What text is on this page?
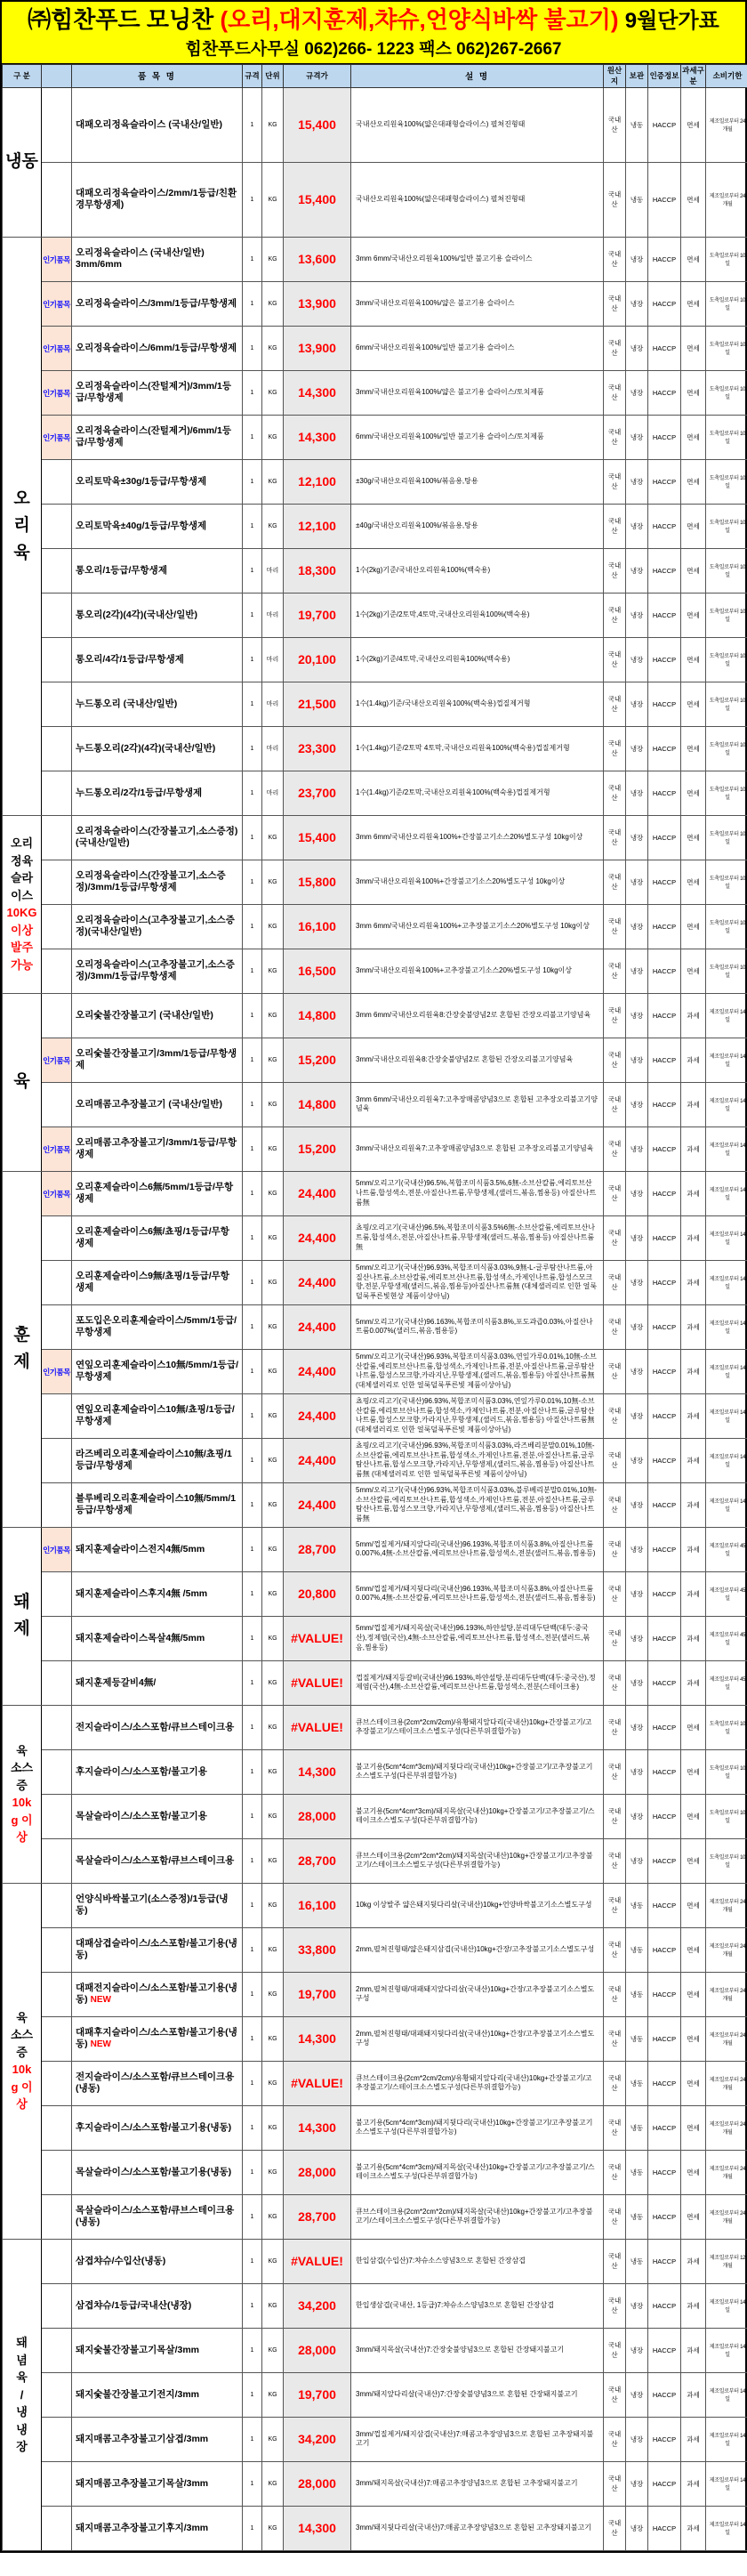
㈜힘찬푸드 모닝찬 (오리,대지훈제,챠슈,언양식바싹 불고기) 9월단가표
힘찬푸드사무실 062)266- 1223 팩스 062)267-2667
구 분		품 목 명	규격	단위	규격가	설 명	원산지	보관	인증정보	과세구분	소비기한

냉동		대패오리정육슬라이스 (국내산/일반)	1	KG	15,400	국내산오리원육100%(얇은대패형슬라이스) 펼쳐진형태	국내산	냉동	HACCP	면세	제조일로부터 24개월
		대패오리정육슬라이스/2mm/1등급/친환경무항생제)	1	KG	15,400	국내산오리원육100%(얇은대패형슬라이스) 펼쳐진형태	국내산	냉동	HACCP	면세	제조일로부터 24개월

오
리
육	인기품목	오리정육슬라이스 (국내산/일반) 3mm/6mm	1	KG	13,600	3mm 6mm/국내산오리원육100%/일반 불고기용 슬라이스	국내산	냉장	HACCP	면세	도축일로부터 10일
	인기품목	오리정육슬라이스/3mm/1등급/무항생제	1	KG	13,900	3mm/국내산오리원육100%/얇은 불고기용 슬라이스	국내산	냉장	HACCP	면세	도축일로부터 10일
	인기품목	오리정육슬라이스/6mm/1등급/무항생제	1	KG	13,900	6mm/국내산오리원육100%/일반 불고기용 슬라이스	국내산	냉장	HACCP	면세	도축일로부터 10일
	인기품목	오리정육슬라이스(잔털제거)/3mm/1등급/무항생제	1	KG	14,300	3mm/국내산오리원육100%/얇은 불고기용 슬라이스/토치제품	국내산	냉장	HACCP	면세	도축일로부터 10일
	인기품목	오리정육슬라이스(잔털제거)/6mm/1등급/무항생제	1	KG	14,300	6mm/국내산오리원육100%/일반 불고기용 슬라이스/토치제품	국내산	냉장	HACCP	면세	도축일로부터 10일
		오리토막육±30g/1등급/무항생제	1	KG	12,100	±30g/국내산오리원육100%/볶음용,탕용	국내산	냉장	HACCP	면세	도축일로부터 10일
		오리토막육±40g/1등급/무항생제	1	KG	12,100	±40g/국내산오리원육100%/볶음용,탕용	국내산	냉장	HACCP	면세	도축일로부터 10일
		통오리/1등급/무항생제	1	마리	18,300	1수(2kg)기준/국내산오리원육100%(백숙용)	국내산	냉장	HACCP	면세	도축일로부터 10일
		통오리(2각)(4각)(국내산/일반)	1	마리	19,700	1수(2kg)기준/2토막,4토막,국내산오리원육100%(백숙용)	국내산	냉장	HACCP	면세	도축일로부터 10일
		통오리/4각/1등급/무항생제	1	마리	20,100	1수(2kg)기준/4토막,국내산오리원육100%(백숙용)	국내산	냉장	HACCP	면세	도축일로부터 10일
		누드통오리 (국내산/일반)	1	마리	21,500	1수(1.4kg)기준/국내산오리원육100%(백숙용)껍질제거형	국내산	냉장	HACCP	면세	도축일로부터 10일
		누드통오리(2각)(4각)(국내산/일반)	1	마리	23,300	1수(1.4kg)기준/2토막 4토막,국내산오리원육100%(백숙용)껍질제거형	국내산	냉장	HACCP	면세	도축일로부터 10일
		누드통오리/2각/1등급/무항생제	1	마리	23,700	1수(1.4kg)기준/2토막,국내산오리원육100%(백숙용)껍질제거형	국내산	냉장	HACCP	면세	도축일로부터 10일

오리
정육
슬라
이스
10KG
이상
발주
가능
		오리정육슬라이스(간장불고기,소스증정)(국내산/일반)	1	KG	15,400	3mm 6mm/국내산오리원육100%+간장불고기소스20%별도구성 10kg이상	국내산	냉장	HACCP	면세	도축일로부터 10일
		오리정육슬라이스(간장불고기,소스증정)/3mm/1등급/무항생제	1	KG	15,800	3mm/국내산오리원육100%+간장불고기소스20%별도구성 10kg이상	국내산	냉장	HACCP	면세	도축일로부터 10일
		오리정육슬라이스(고추장불고기,소스증정)(국내산/일반)	1	KG	16,100	3mm 6mm/국내산오리원육100%+고추장불고기소스20%별도구성 10kg이상	국내산	냉장	HACCP	면세	도축일로부터 10일
		오리정육슬라이스(고추장불고기,소스증정)/3mm/1등급/무항생제	1	KG	16,500	3mm/국내산오리원육100%+고추장불고기소스20%별도구성 10kg이상	국내산	냉장	HACCP	면세	도축일로부터 10일

육		오리숯불간장불고기 (국내산/일반)	1	KG	14,800	3mm 6mm/국내산오리원육8:간장숯불양념2로 혼합된 간장오리불고기양념육	국내산	냉장	HACCP	과세	제조일로부터 14일
	인기품목	오리숯불간장불고기/3mm/1등급/무항생제	1	KG	15,200	3mm/국내산오리원육8:간장숯불양념2로 혼합된 간장오리불고기양념육	국내산	냉장	HACCP	과세	제조일로부터 14일
		오리매콤고추장불고기 (국내산/일반)	1	KG	14,800	3mm 6mm/국내산오리원육7:고추장매콤양념3으로 혼합된 고추장오리불고기양념육	국내산	냉장	HACCP	과세	제조일로부터 14일
	인기품목	오리매콤고추장불고기/3mm/1등급/무항생제	1	KG	15,200	3mm/국내산오리원육7:고추장매콤양념3으로 혼합된 고추장오리불고기양념육	국내산	냉장	HACCP	과세	제조일로부터 14일

훈
제	인기품목	오리훈제슬라이스6無/5mm/1등급/무항생제	1	KG	24,400	5mm/오리고기(국내산)96.5%,복합조미식품3.5%,6無-소브산칼륨,에리토브산나트륨,합성색소,전분,아질산나트륨,무항생제,(샐러드,볶음,찜용등) 아질산나트륨無	국내산	냉장	HACCP	과세	제조일로부터 14일
		오리훈제슬라이스6無/쵸핑/1등급/무항생제	1	KG	24,400	쵸핑/오리고기(국내산)96.5%,복합조미식품3.5%6無-소브산칼륨,에리토브산나트륨,합성색소,전분,아질산나트륨,무항생제(샐러드,볶음,찜용등) 아질산나트륨無	국내산	냉장	HACCP	과세	제조일로부터 14일
		오리훈제슬라이스9無/쵸핑/1등급/무항생제	1	KG	24,400	5mm/오리고기(국내산)96.93%,복합조미식품3.03%,9無-L-글루탐산나트륨,아질산나트륨,소브산칼륨,에리토브산나트륨,합성색소,카제인나트륨,합성스모크향,전분,무항생제(샐러드,볶음,찜용등)아질산나트륨無 (대체샐러리로 인한 얼룩덜룩푸른빛현상 제품이상아님)	국내산	냉장	HACCP	과세	제조일로부터 14일
		포도입은오리훈제슬라이스/5mm/1등급/무항생제	1	KG	24,400	5mm/오리고기(국내산)96.163%,복합조미식품3.8%,포도과즙0.03%,아질산나트륨0.007%(샐러드,볶음,찜용등)	국내산	냉장	HACCP	과세	제조일로부터 14일
	인기품목	연잎오리훈제슬라이스10無/5mm/1등급/무항생제	1	KG	24,400	5mm/오리고기(국내산)96.93%,복합조미식품3.03%,연잎가루0.01%,10無-소브산칼륨,에리토브산나트륨,합성색소,카제인나트륨,전분,아질산나트륨,글루탐산나트륨,합성스모크향,카라지난,무항생제,(샐러드,볶음,찜용등) 아질산나트륨無 (대체샐러리로 인한 얼룩덜룩푸른빛 제품이상아님)	국내산	냉장	HACCP	과세	제조일로부터 14일
		연잎오리훈제슬라이스10無/쵸핑/1등급/무항생제	1	KG	24,400	쵸핑/오리고기(국내산)96.93%,복합조미식품3.03%,연잎가루0.01%,10無-소브산칼륨,에리토브산나트륨,합성색소,카제인나트륨,전분,아질산나트륨,글루탐산나트륨,합성스모크향,카라지난,무항생제,(샐러드,볶음,찜용등) 아질산나트륨無 (대체샐러리로 인한 얼룩덜룩푸른빛 제품이상아님)	국내산	냉장	HACCP	과세	제조일로부터 14일
		라즈베리오리훈제슬라이스10無/쵸핑/1등급/무항생제	1	KG	24,400	쵸핑/오리고기(국내산)96.93%,복합조미식품3.03%,라즈베리분말0.01%,10無-소브산칼륨,에리토브산나트륨,합성색소,카제인나트륨,전분,아질산나트륨,글루탐산나트륨,합성스모크향,카라지난,무항생제,(샐러드,볶음,찜용등) 아질산나트륨無 (대체샐러리로 인한 얼룩덜룩푸른빛 제품이상아님)	국내산	냉장	HACCP	과세	제조일로부터 14일
		블루베리오리훈제슬라이스10無/5mm/1등급/무항생제	1	KG	24,400	5mm/오리고기(국내산)96.93%,복합조미식품3.03%,블루베리분말0.01%,10無-소브산칼륨,에리토브산나트륨,합성색소,카제인나트륨,전분,아질산나트륨,글루탐산나트륨,합성스모크향,카라지난,무항생제,(샐러드,볶음,찜용등) 아질산나트륨無	국내산	냉장	HACCP	과세	제조일로부터 14일

돼
제	인기품목	돼지훈제슬라이스전지4無/5mm	1	KG	28,700	5mm/껍질제거/돼지앞다리(국내산)96.193%,복합조미식품3.8%,아질산나트륨0.007%,4無-소브산칼륨,에리토브산나트륨,합성색소,전분(샐러드,볶음,찜용등)	국내산	냉장	HACCP	과세	제조일로부터 45일
		돼지훈제슬라이스후지4無 /5mm	1	KG	20,800	5mm/껍질제거/돼지뒷다리(국내산)96.193%,복합조미식품3.8%,아질산나트륨0.007%,4無-소브산칼륨,에리토브산나트륨,합성색소,전분(샐러드,볶음,찜용등)	국내산	냉장	HACCP	과세	제조일로부터 45일
		돼지훈제슬라이스목살4無/5mm	1	KG	#VALUE!	5mm/껍질제거/돼지목살(국내산)96.193%,하얀설탕,분리대두단백(대두:중국산),정제염(국산),4無-소브산칼륨,에리토브산나트륨,합성색소,전분(샐러드,볶음,찜용등)	국내산	냉장	HACCP	과세	제조일로부터 45일
		돼지훈제등갈비4無/	1	KG	#VALUE!	껍질제거/돼지등갈비(국내산)96.193%,하얀설탕,분리대두단백(대두:중국산),정제염(국산),4無-소브산칼륨,에리토브산나트륨,합성색소,전분(스테이크용)	국내산	냉장	HACCP	과세	제조일로부터 45일

육
소스
증
10k
g 이
상
		전지슬라이스/소스포함/큐브스테이크용	1	KG	#VALUE!	큐브스테이크용(2cm*2cm/2cm)/유황돼지앞다리(국내산)10kg+간장불고기/고추장불고기/스테이크소스별도구성(다른부위결합가능)	국내산	냉장	HACCP	면세	도축일로부터 10일
		후지슬라이스/소스포함/불고기용	1	KG	14,300	불고기용(5cm*4cm*3cm)/돼지뒷다리(국내산)10kg+간장불고기/고추장불고기소스별도구성(다른부위결합가능)	국내산	냉장	HACCP	면세	도축일로부터 10일
		목살슬라이스/소스포함/불고기용	1	KG	28,000	불고기용(5cm*4cm*3cm)/돼지목살(국내산)10kg+간장불고기/고추장불고기/스테이크소스별도구성(다른부위결합가능)	국내산	냉장	HACCP	면세	도축일로부터 10일
		목살슬라이스/소스포함/큐브스테이크용	1	KG	28,700	큐브스테이크용(2cm*2cm*2cm)/돼지목살(국내산)10kg+간장불고기/고추장불고기/스테이크소스별도구성(다른부위결합가능)	국내산	냉장	HACCP	면세	도축일로부터 10일

육
소스
증
10k
g 이
상
		언양식바싹불고기(소스증정)/1등급(냉동)	1	KG	16,100	10kg 이상발주 얇은돼지뒷다리살(국내산)10kg+언양바싹불고기소스별도구성	국내산	냉동	HACCP	면세	제조일로부터 24개월
		대패삼겹슬라이스/소스포함/불고기용(냉동)	1	KG	33,800	2mm,펼쳐진형태/얇은돼지삼겹(국내산)10kg+간장/고추장불고기소스별도구성	국내산	냉동	HACCP	면세	제조일로부터 24개월
		대패전지슬라이스/소스포함/불고기용(냉동) NEW	1	KG	19,700	2mm,펼쳐진형태/대패돼지앞다리살(국내산)10kg+간장/고추장불고기소스별도구성	국내산	냉동	HACCP	면세	제조일로부터 24개월
		대패후지슬라이스/소스포함/불고기용(냉동) NEW	1	KG	14,300	2mm,펼쳐진형태/대패돼지뒷다리살(국내산)10kg+간장/고추장불고기소스별도구성	국내산	냉동	HACCP	면세	제조일로부터 24개월
		전지슬라이스/소스포함/큐브스테이크용(냉동)	1	KG	#VALUE!	큐브스테이크용(2cm*2cm/2cm)/유황돼지앞다리(국내산)10kg+간장불고기/고추장불고기/스테이크소스별도구성(다른부위결합가능)	국내산	냉동	HACCP	면세	제조일로부터 24개월
		후지슬라이스/소스포함/불고기용(냉동)	1	KG	14,300	불고기용(5cm*4cm*3cm)/돼지뒷다리(국내산)10kg+간장불고기/고추장불고기소스별도구성(다른부위결합가능)	국내산	냉동	HACCP	면세	제조일로부터 24개월
		목살슬라이스/소스포함/불고기용(냉동)	1	KG	28,000	불고기용(5cm*4cm*3cm)/돼지목살(국내산)10kg+간장불고기/고추장불고기/스테이크소스별도구성(다른부위결합가능)	국내산	냉동	HACCP	면세	제조일로부터 24개월
		목살슬라이스/소스포함/큐브스테이크용(냉동)	1	KG	28,700	큐브스테이크용(2cm*2cm*2cm)/돼지목살(국내산)10kg+간장불고기/고추장불고기/스테이크소스별도구성(다른부위결합가능)	국내산	냉동	HACCP	면세	제조일로부터 24개월

돼
념
육
/
냉
냉
장
		삼겹챠슈/수입산(냉동)	1	KG	#VALUE!	한입삼겹(수입산)7:챠슈소스양념3으로 혼합된 간장삼겹	국내산	냉동	HACCP	과세	제조일로부터 12개월
		삼겹챠슈/1등급/국내산(냉장)	1	KG	34,200	한입생삼겹(국내산, 1등급)7:챠슈소스양념3으로 혼합된 간장삼겹	국내산	냉장	HACCP	과세	제조일로부터 14일
		돼지숯불간장불고기목살/3mm	1	KG	28,000	3mm/돼지목살(국내산)7:간장숯불양념3으로 혼합된 간장돼지불고기	국내산	냉장	HACCP	과세	제조일로부터 14일
		돼지숯불간장불고기전지/3mm	1	KG	19,700	3mm/돼지앞다리살(국내산)7:간장숯불양념3으로 혼합된 간장돼지불고기	국내산	냉장	HACCP	과세	제조일로부터 14일
		돼지매콤고추장불고기삼겹/3mm	1	KG	34,200	3mm/껍질제거/돼지삼겹(국내산)7:매콤고추장양념3으로 혼합된 고추장돼지불고기	국내산	냉장	HACCP	과세	제조일로부터 14일
		돼지매콤고추장불고기목살/3mm	1	KG	28,000	3mm/돼지목살(국내산)7:매콤고추장양념3으로 혼합된 고추장돼지불고기	국내산	냉장	HACCP	과세	제조일로부터 14일
		돼지매콤고추장불고기후지/3mm	1	KG	14,300	3mm/돼지뒷다리살(국내산)7:매콤고추장양념3으로 혼합된 고추장돼지불고기	국내산	냉장	HACCP	과세	제조일로부터 14일
